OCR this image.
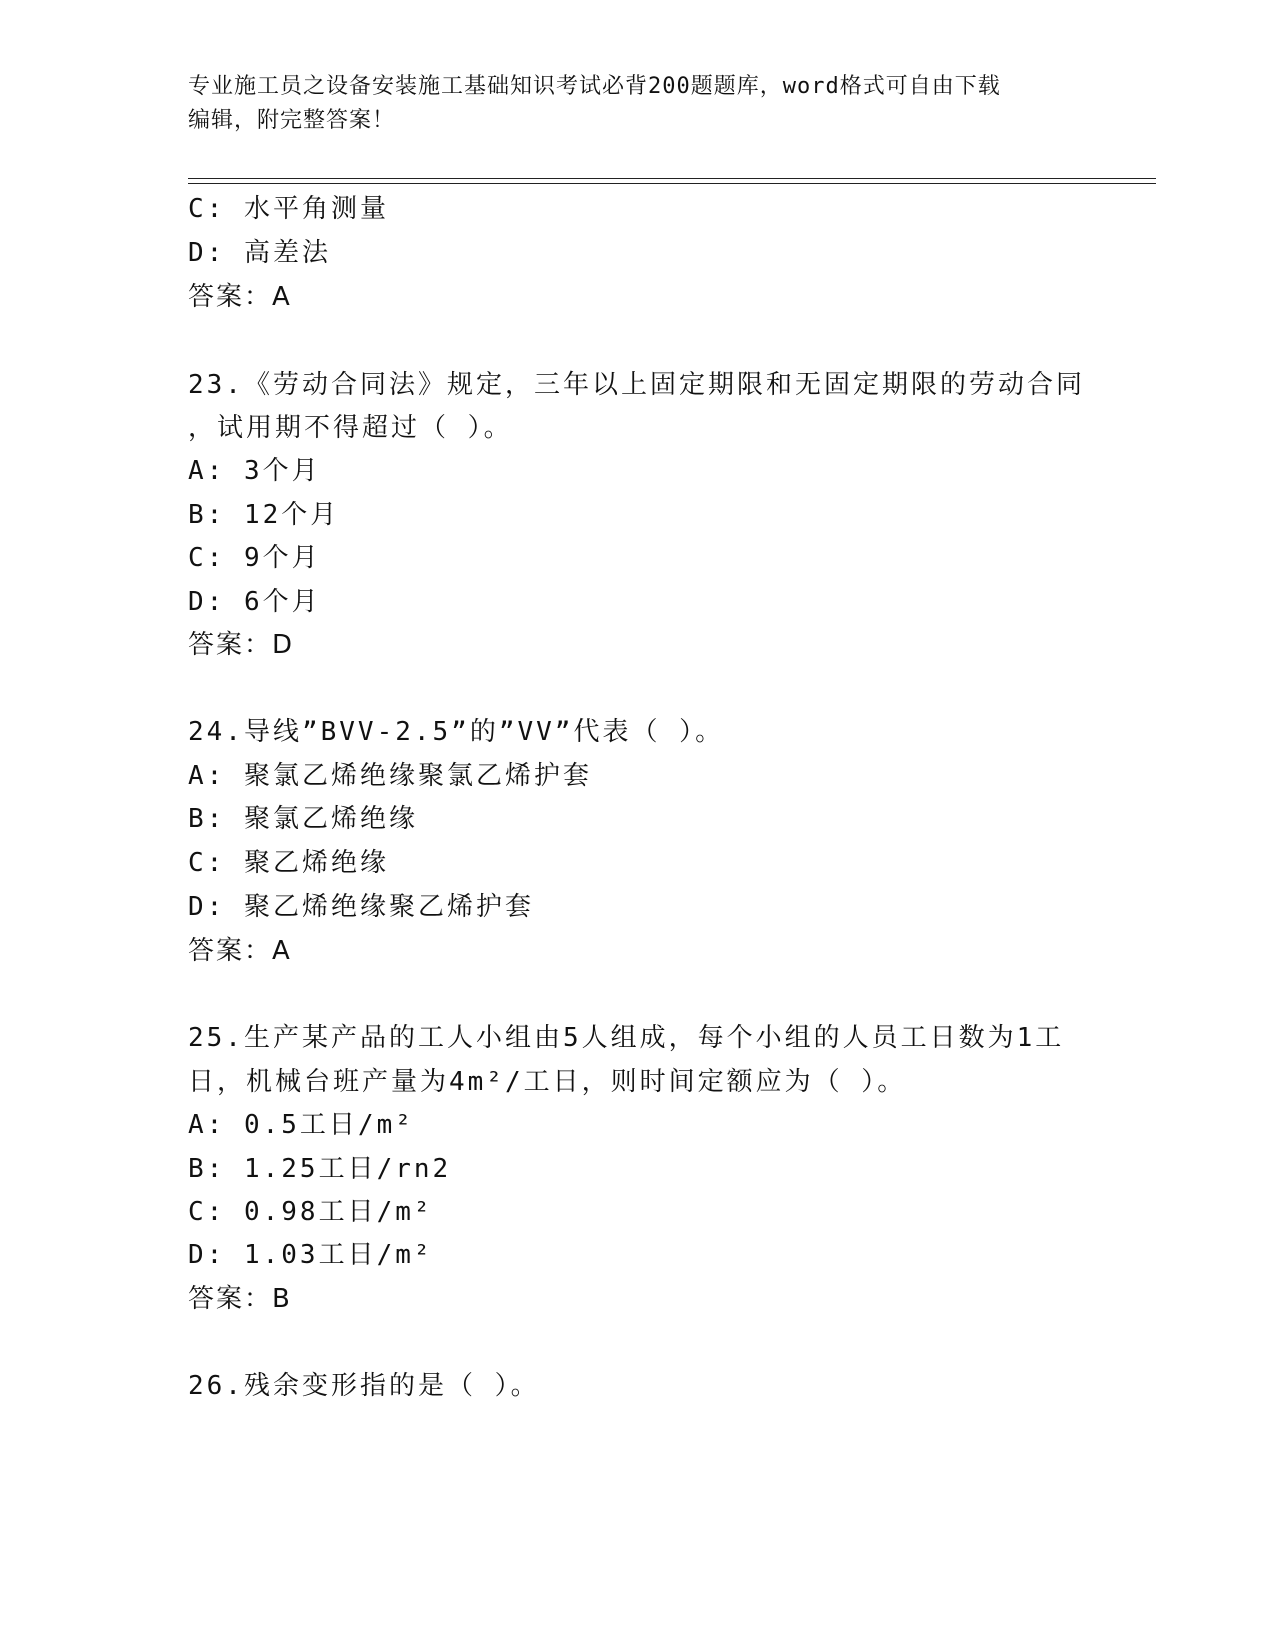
专业施工员之设备安装施工基础知识考试必背200题题库，word格式可自由下载
编辑，附完整答案！
C: 水平角测量
D: 高差法
答案：A
23.《劳动合同法》规定，三年以上固定期限和无固定期限的劳动合同
，试用期不得超过（ ）。
A: 3个月
B: 12个月
C: 9个月
D: 6个月
答案：D
24.导线”BVV-2.5”的”VV”代表（ ）。
A: 聚氯乙烯绝缘聚氯乙烯护套
B: 聚氯乙烯绝缘
C: 聚乙烯绝缘
D: 聚乙烯绝缘聚乙烯护套
答案：A
25.生产某产品的工人小组由5人组成，每个小组的人员工日数为1工
日，机械台班产量为4m²/工日，则时间定额应为（ ）。
A: 0.5工日/m²
B: 1.25工日/rn2
C: 0.98工日/m²
D: 1.03工日/m²
答案：B
26.残余变形指的是（ ）。
